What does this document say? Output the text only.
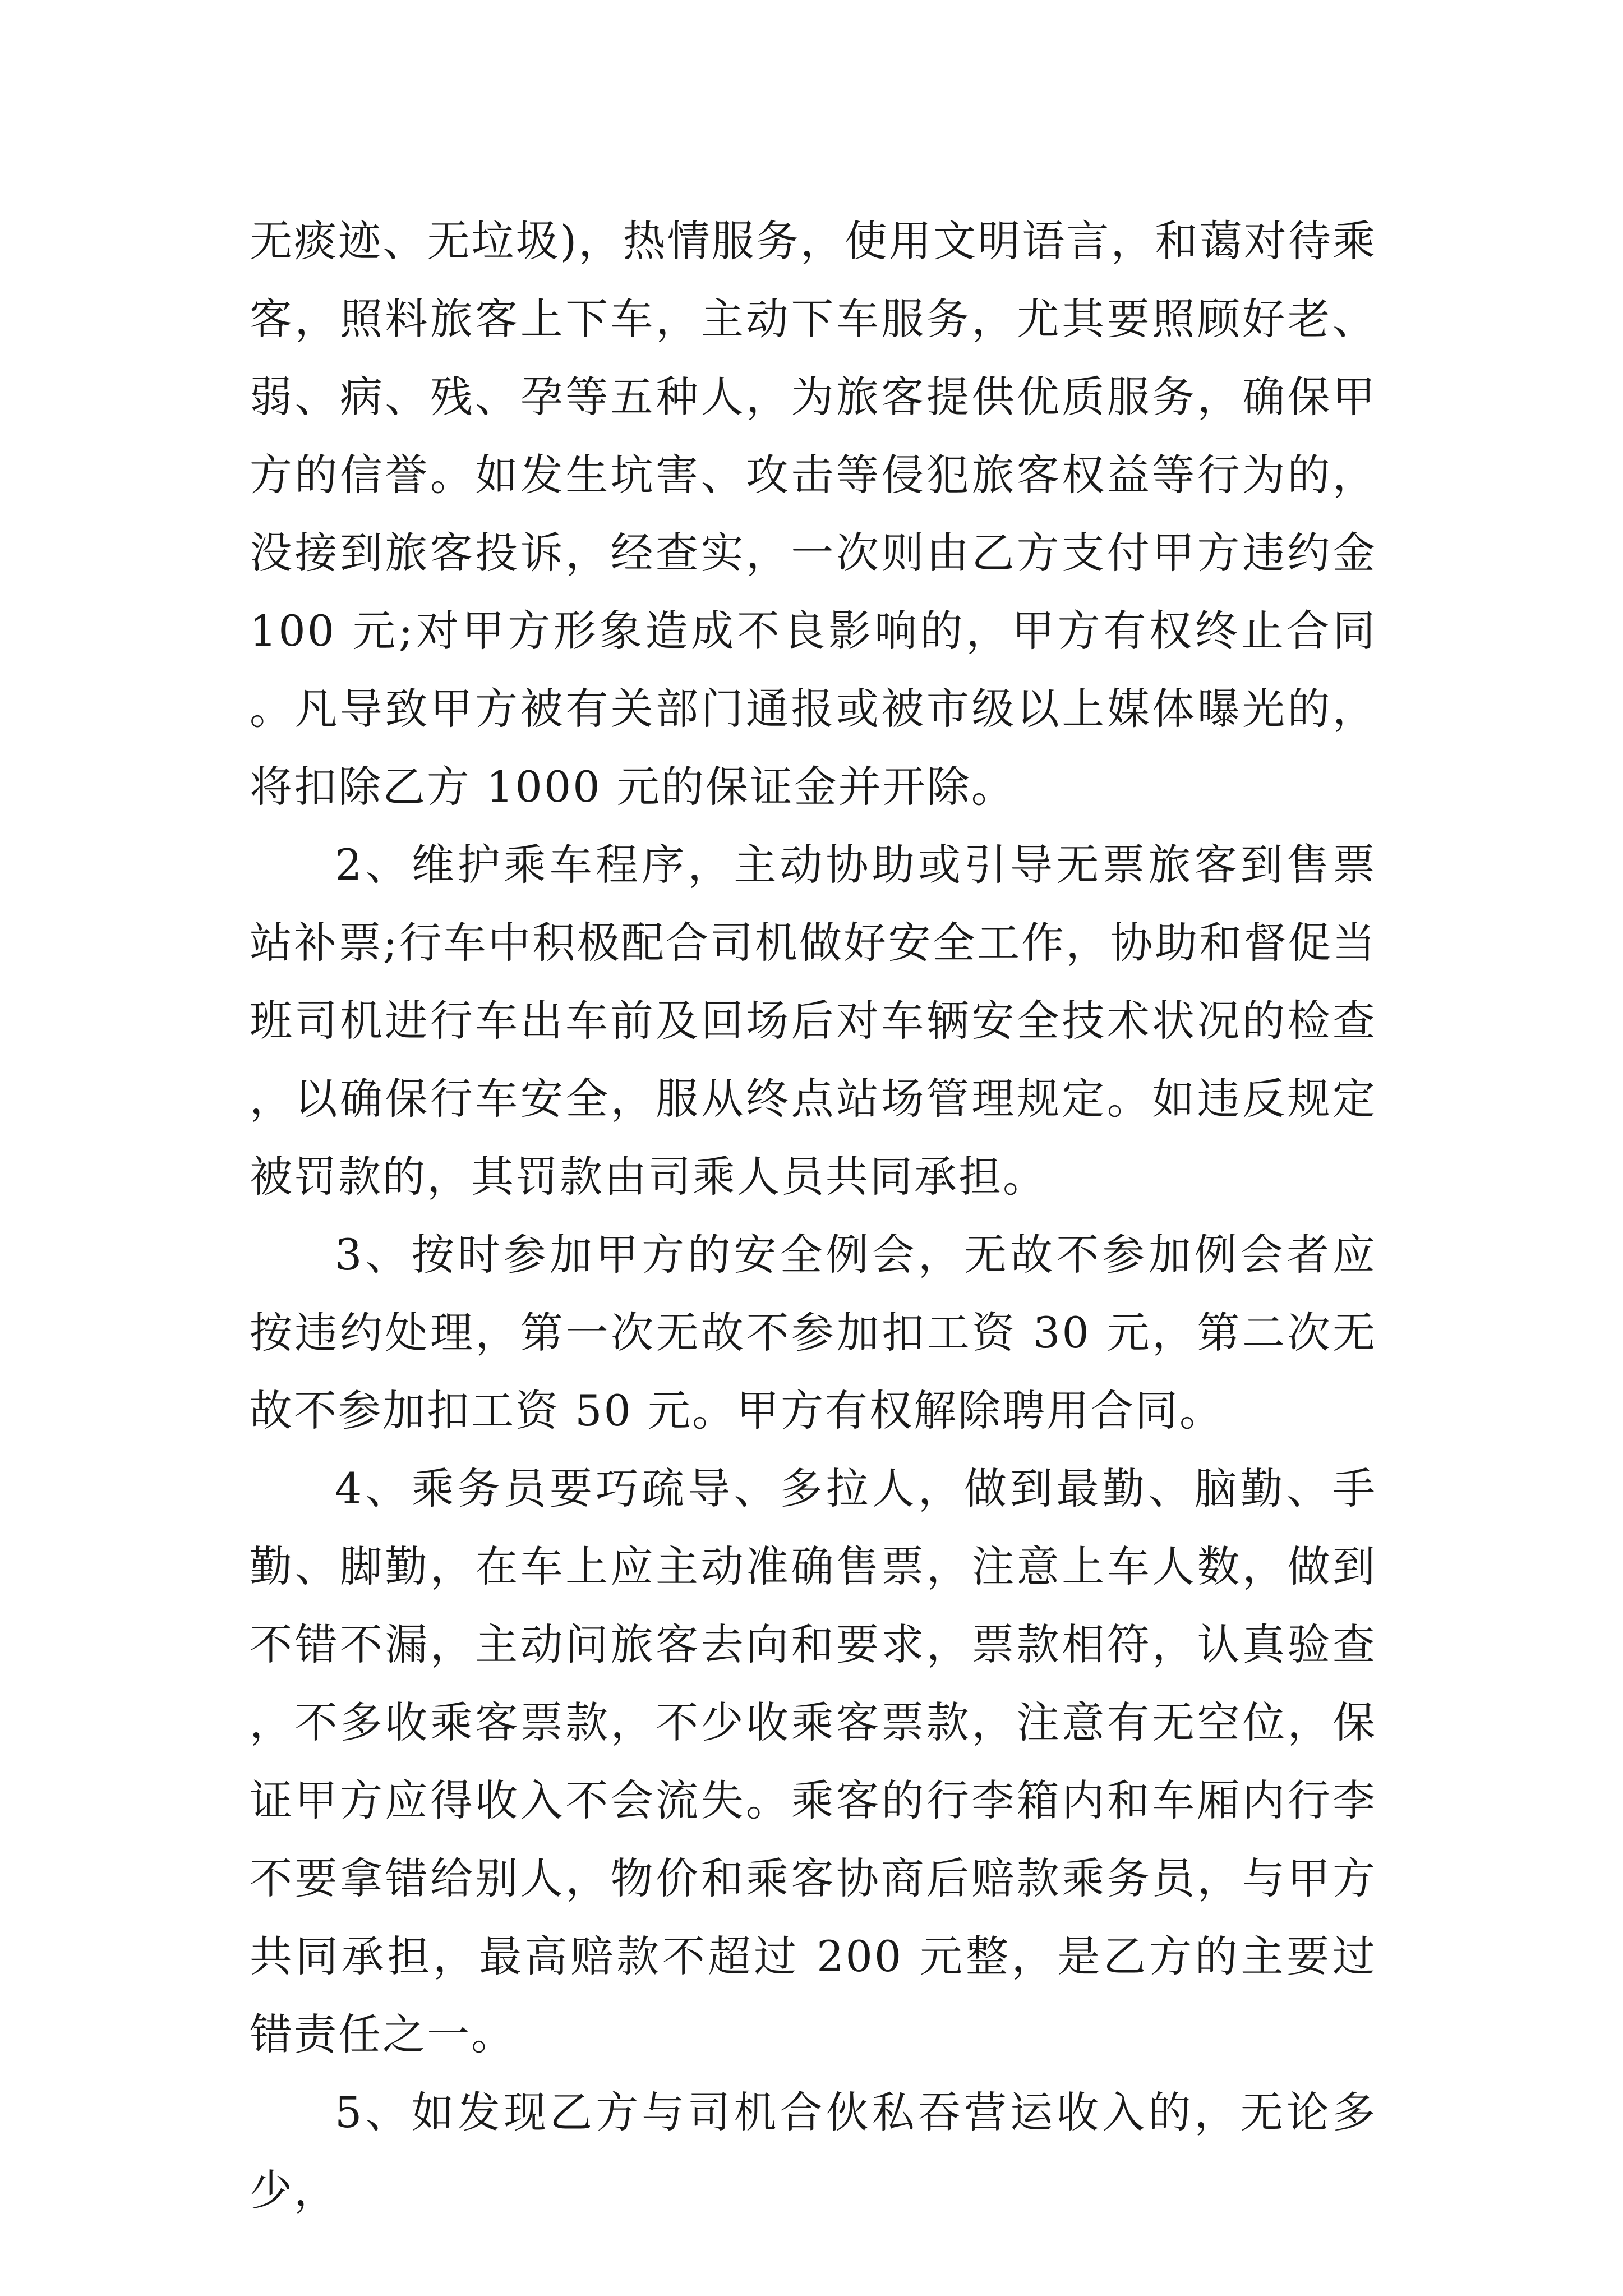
无痰迹、无垃圾)，热情服务，使用文明语言，和蔼对待乘客，照料旅客上下车，主动下车服务，尤其要照顾好老、弱、病、残、孕等五种人，为旅客提供优质服务，确保甲方的信誉。如发生坑害、攻击等侵犯旅客权益等行为的，没接到旅客投诉，经查实，一次则由乙方支付甲方违约金 100 元;对甲方形象造成不良影响的，甲方有权终止合同。凡导致甲方被有关部门通报或被市级以上媒体曝光的，将扣除乙方 1000 元的保证金并开除。

2、维护乘车程序，主动协助或引导无票旅客到售票站补票;行车中积极配合司机做好安全工作，协助和督促当班司机进行车出车前及回场后对车辆安全技术状况的检查，以确保行车安全，服从终点站场管理规定。如违反规定被罚款的，其罚款由司乘人员共同承担。

3、按时参加甲方的安全例会，无故不参加例会者应按违约处理，第一次无故不参加扣工资 30 元，第二次无故不参加扣工资 50 元。甲方有权解除聘用合同。

4、乘务员要巧疏导、多拉人，做到最勤、脑勤、手勤、脚勤，在车上应主动准确售票，注意上车人数，做到不错不漏，主动问旅客去向和要求，票款相符，认真验查，不多收乘客票款，不少收乘客票款，注意有无空位，保证甲方应得收入不会流失。乘客的行李箱内和车厢内行李不要拿错给别人，物价和乘客协商后赔款乘务员，与甲方共同承担，最高赔款不超过 200 元整，是乙方的主要过错责任之一。

5、如发现乙方与司机合伙私吞营运收入的，无论多少，
